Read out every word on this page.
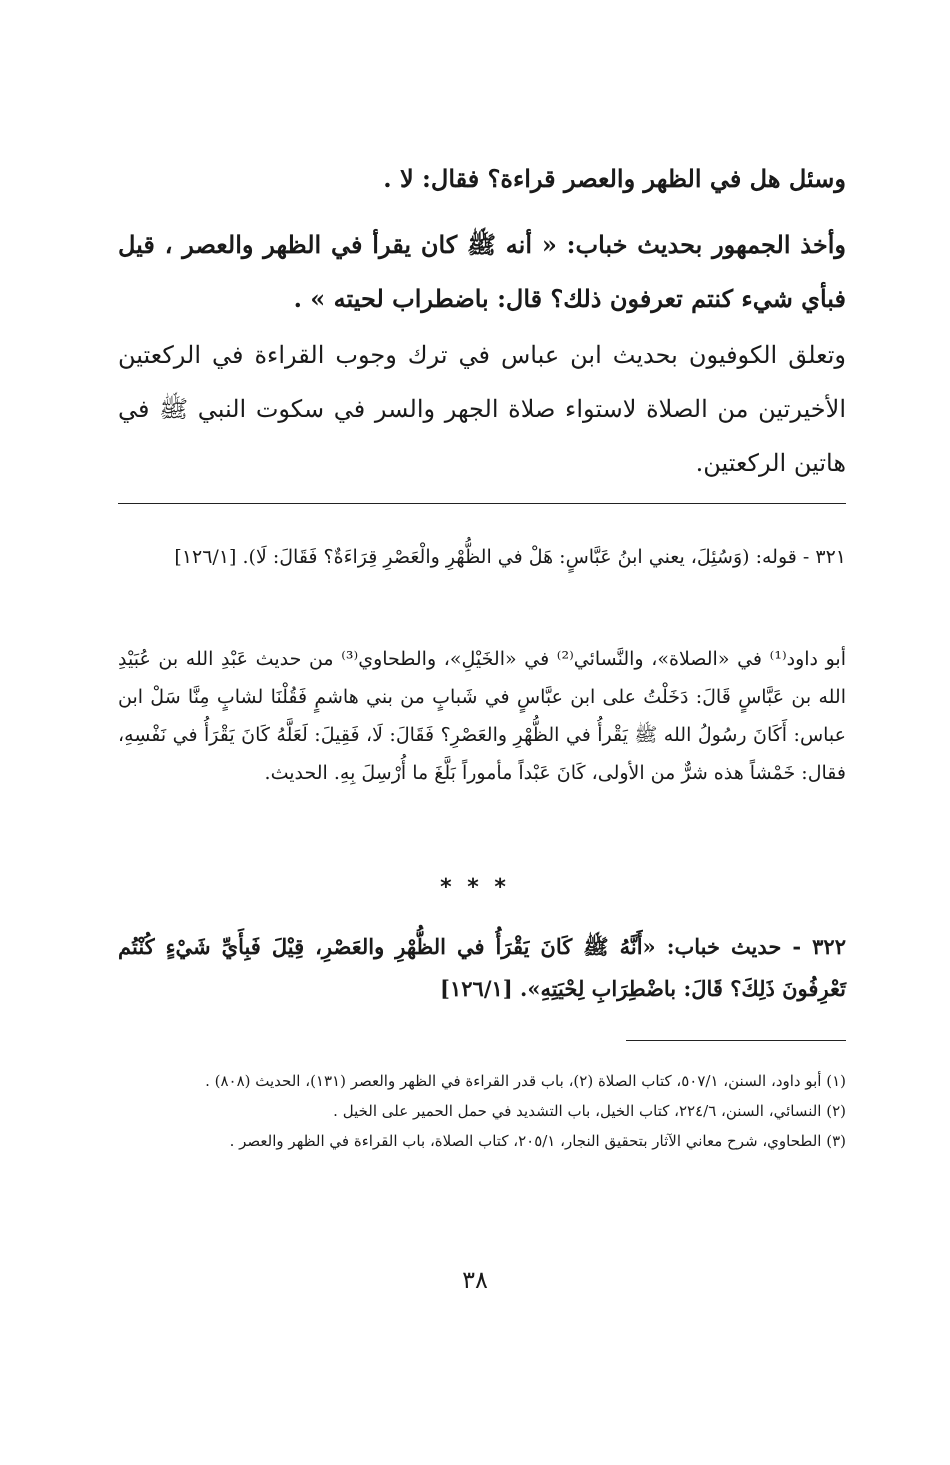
وسئل هل في الظهر والعصر قراءة؟ فقال: لا .
وأخذ الجمهور بحديث خباب: « أنه ﷺ كان يقرأ في الظهر والعصر ، قيل فبأي شيء كنتم تعرفون ذلك؟ قال: باضطراب لحيته » .
وتعلق الكوفيون بحديث ابن عباس في ترك وجوب القراءة في الركعتين الأخيرتين من الصلاة لاستواء صلاة الجهر والسر في سكوت النبي ﷺ في هاتين الركعتين.
٣٢١ - قوله: (وَسُئِلَ، يعني ابنُ عَبَّاسٍ: هَلْ في الظُّهْرِ والْعَصْرِ قِرَاءَةٌ؟ فَقَالَ: لَا). [١٢٦/١]
أبو داود⁽¹⁾ في «الصلاة»، والنَّسائي⁽²⁾ في «الخَيْلِ»، والطحاوي⁽³⁾ من حديث عَبْدِ الله بن عُبَيْدِ الله بن عَبَّاسٍ قَالَ: دَخَلْتُ على ابن عبَّاسٍ في شَبابٍ من بني هاشمٍ فَقُلْنَا لشابٍ مِنَّا سَلْ ابن عباس: أَكَانَ رسُولُ الله ﷺ يَقْرأُ في الظُّهْرِ والعَصْرِ؟ فَقَالَ: لَا، فَقِيلَ: لَعَلَّهُ كَانَ يَقْرَأُ في نَفْسِهِ، فقال: خَمْشاً هذه شرٌّ من الأولى، كَانَ عَبْداً مأموراً بَلَّغَ ما أُرْسِلَ بِهِ. الحديث.
* * *
٣٢٢ - حديث خباب: «أَنَّهُ ﷺ كَانَ يَقْرَأُ في الظُّهْرِ والعَصْرِ، قِيْلَ فَبِأَيِّ شَيْءٍ كُنْتُم تَعْرِفُونَ ذَلِكَ؟ قَالَ: باضْطِرَابِ لِحْيَتِهِ». [١٢٦/١]
(١) أبو داود، السنن، ٥٠٧/١، كتاب الصلاة (٢)، باب قدر القراءة في الظهر والعصر (١٣١)، الحديث (٨٠٨) .
(٢) النسائي، السنن، ٢٢٤/٦، كتاب الخيل، باب التشديد في حمل الحمير على الخيل .
(٣) الطحاوي، شرح معاني الآثار بتحقيق النجار، ٢٠٥/١، كتاب الصلاة، باب القراءة في الظهر والعصر .
٣٨
